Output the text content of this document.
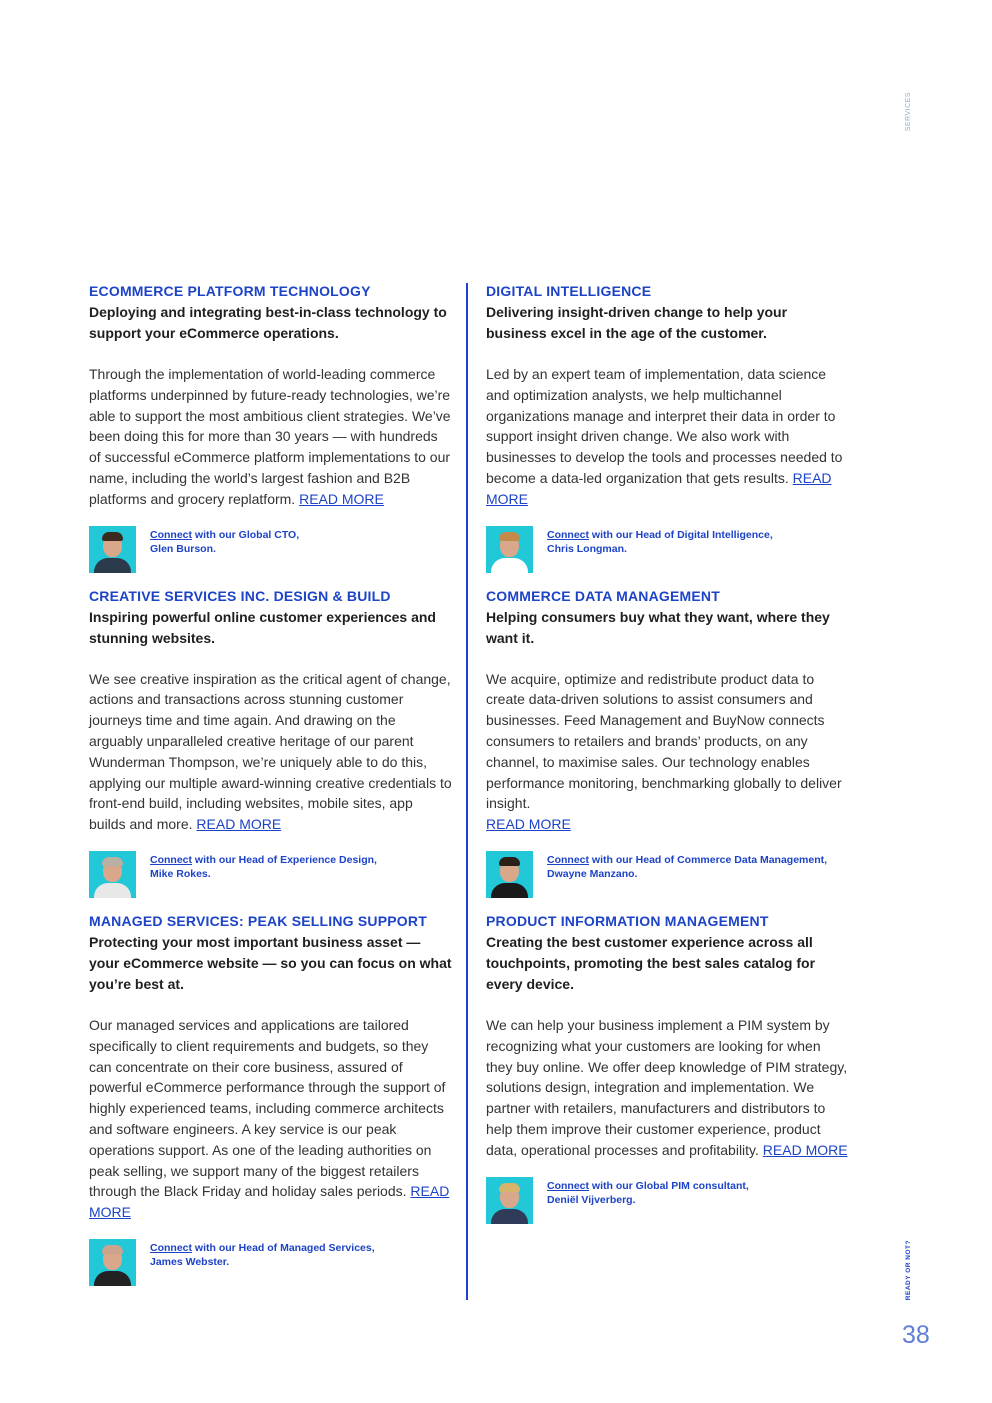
SERVICES
READY OR NOT?
38
ECOMMERCE PLATFORM TECHNOLOGY

Deploying and integrating best-in-class technology to support your eCommerce operations.

Through the implementation of world-leading commerce platforms underpinned by future-ready technologies, we’re able to support the most ambitious client strategies. We’ve been doing this for more than 30 years — with hundreds of successful eCommerce platform implementations to our name, including the world’s largest fashion and B2B platforms and grocery replatform. READ MORE

Connect with our Global CTO,
Glen Burson.
CREATIVE SERVICES INC. DESIGN & BUILD

Inspiring powerful online customer experiences and stunning websites.

We see creative inspiration as the critical agent of change, actions and transactions across stunning customer journeys time and time again. And drawing on the arguably unparalleled creative heritage of our parent Wunderman Thompson, we’re uniquely able to do this, applying our multiple award-winning creative credentials to front-end build, including websites, mobile sites, app builds and more. READ MORE

Connect with our Head of Experience Design,
Mike Rokes.
MANAGED SERVICES: PEAK SELLING SUPPORT

Protecting your most important business asset — your eCommerce website — so you can focus on what you’re best at.

Our managed services and applications are tailored specifically to client requirements and budgets, so they can concentrate on their core business, assured of powerful eCommerce performance through the support of highly experienced teams, including commerce architects and software engineers. A key service is our peak operations support. As one of the leading authorities on peak selling, we support many of the biggest retailers through the Black Friday and holiday sales periods. READ MORE

Connect with our Head of Managed Services,
James Webster.
DIGITAL INTELLIGENCE

Delivering insight-driven change to help your business excel in the age of the customer.

Led by an expert team of implementation, data science and optimization analysts, we help multichannel organizations manage and interpret their data in order to support insight driven change. We also work with businesses to develop the tools and processes needed to become a data-led organization that gets results. READ MORE

Connect with our Head of Digital Intelligence,
Chris Longman.
COMMERCE DATA MANAGEMENT

Helping consumers buy what they want, where they want it.

We acquire, optimize and redistribute product data to create data-driven solutions to assist consumers and businesses. Feed Management and BuyNow connects consumers to retailers and brands’ products, on any channel, to maximise sales. Our technology enables performance monitoring, benchmarking globally to deliver insight.
READ MORE

Connect with our Head of Commerce Data Management,
Dwayne Manzano.
PRODUCT INFORMATION MANAGEMENT

Creating the best customer experience across all touchpoints, promoting the best sales catalog for every device.

We can help your business implement a PIM system by recognizing what your customers are looking for when they buy online. We offer deep knowledge of PIM strategy, solutions design, integration and implementation. We partner with retailers, manufacturers and distributors to help them improve their customer experience, product data, operational processes and profitability. READ MORE

Connect with our Global PIM consultant,
Deniël Vijverberg.
